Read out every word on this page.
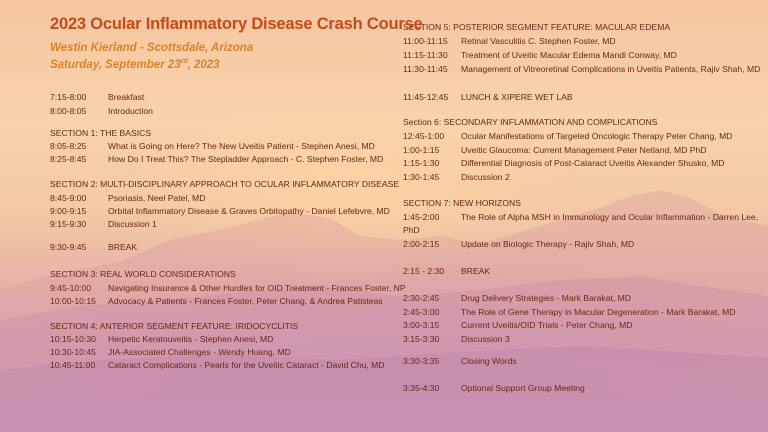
2023 Ocular Inflammatory Disease Crash Course
Westin Kierland - Scottsdale, Arizona
Saturday, September 23rd, 2023
7:15-8:00	Breakfast
8:00-8:05	Introduction
SECTION 1: THE BASICS
8:05-8:25	What is Going on Here? The New Uveitis Patient - Stephen Anesi, MD
8:25-8:45	How Do I Treat This? The Stepladder Approach - C. Stephen Foster, MD
SECTION 2: MULTI-DISCIPLINARY APPROACH TO OCULAR INFLAMMATORY DISEASE
8:45-9:00	Psoriasis, Neel Patel, MD
9:00-9:15	Orbital Inflammatory Disease & Graves Orbitopathy - Daniel Lefebvre, MD
9:15-9:30	Discussion 1
9:30-9:45	BREAK
SECTION 3: REAL WORLD CONSIDERATIONS
9:45-10:00	Navigating Insurance & Other Hurdles for OID Treatment - Frances Foster, NP
10:00-10:15	Advocacy & Patients - Frances Foster, Peter Chang, & Andrea Patisteas
SECTION 4: ANTERIOR SEGMENT FEATURE: IRIDOCYCLITIS
10:15-10:30	Herpetic Keratouveitis - Stephen Anesi, MD
10:30-10:45	JIA-Associated Challenges - Wendy Huang, MD
10:45-11:00	Cataract Complications - Pearls for the Uveitic Cataract - David Chu, MD
SECTION 5: POSTERIOR SEGMENT FEATURE: MACULAR EDEMA
11:00-11:15	Retinal Vasculitis C. Stephen Foster, MD
11:15-11:30	Treatment of Uveitic Macular Edema Mandi Conway, MD
11:30-11:45	Management of Vitreoretinal Complications in Uveitis Patients, Rajiv Shah, MD
11:45-12:45	LUNCH & XIPERE WET LAB
Section 6: SECONDARY INFLAMMATION AND COMPLICATIONS
12:45-1:00	Ocular Manifestations of Targeted Oncologic Therapy Peter Chang, MD
1:00-1:15	Uveitic Glaucoma: Current Management Peter Netland, MD PhD
1:15-1:30	Differential Diagnosis of Post-Cataract Uveitis Alexander Shusko, MD
1:30-1:45	Discussion 2
SECTION 7: NEW HORIZONS
1:45-2:00	The Role of Alpha MSH in Immunology and Ocular Inflammation - Darren Lee,
PhD
2:00-2:15	Update on Biologic Therapy - Rajiv Shah, MD
2:15 - 2:30	BREAK
2:30-2:45	Drug Delivery Strategies - Mark Barakat, MD
2:45-3:00	The Role of Gene Therapy in Macular Degeneration - Mark Barakat, MD
3:00-3:15	Current Uveitis/OID Trials - Peter Chang, MD
3:15-3:30	Discussion 3
3:30-3:35	Closing Words
3:35-4:30	Optional Support Group Meeting
